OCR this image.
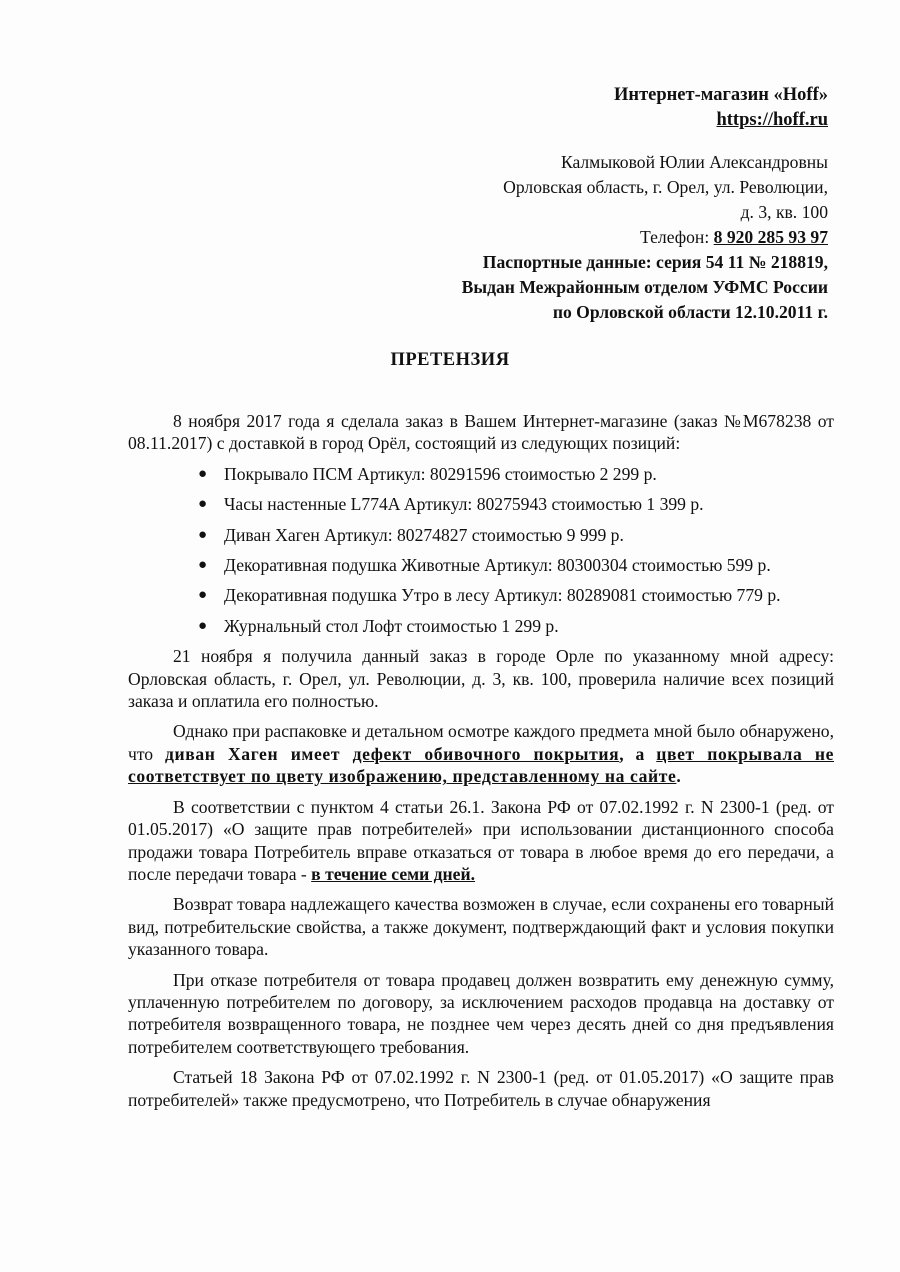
Интернет-магазин «Hoff»
https://hoff.ru
Калмыковой Юлии Александровны
Орловская область, г. Орел, ул. Революции,
д. 3, кв. 100
Телефон: 8 920 285 93 97
Паспортные данные: серия 54 11 № 218819,
Выдан Межрайонным отделом УФМС России
по Орловской области 12.10.2011 г.
ПРЕТЕНЗИЯ

8 ноября 2017 года я сделала заказ в Вашем Интернет-магазине (заказ №М678238 от 08.11.2017) с доставкой в город Орёл, состоящий из следующих позиций:

● Покрывало ПСМ Артикул: 80291596 стоимостью 2 299 р.
● Часы настенные L774A Артикул: 80275943 стоимостью 1 399 р.
● Диван Хаген Артикул: 80274827 стоимостью 9 999 р.
● Декоративная подушка Животные Артикул: 80300304 стоимостью 599 р.
● Декоративная подушка Утро в лесу Артикул: 80289081 стоимостью 779 р.
● Журнальный стол Лофт стоимостью 1 299 р.

21 ноября я получила данный заказ в городе Орле по указанному мной адресу: Орловская область, г. Орел, ул. Революции, д. 3, кв. 100, проверила наличие всех позиций заказа и оплатила его полностью.

Однако при распаковке и детальном осмотре каждого предмета мной было обнаружено, что диван Хаген имеет дефект обивочного покрытия, а цвет покрывала не соответствует по цвету изображению, представленному на сайте.

В соответствии с пунктом 4 статьи 26.1. Закона РФ от 07.02.1992 г. N 2300-1 (ред. от 01.05.2017) «О защите прав потребителей» при использовании дистанционного способа продажи товара Потребитель вправе отказаться от товара в любое время до его передачи, а после передачи товара - в течение семи дней.

Возврат товара надлежащего качества возможен в случае, если сохранены его товарный вид, потребительские свойства, а также документ, подтверждающий факт и условия покупки указанного товара.

При отказе потребителя от товара продавец должен возвратить ему денежную сумму, уплаченную потребителем по договору, за исключением расходов продавца на доставку от потребителя возвращенного товара, не позднее чем через десять дней со дня предъявления потребителем соответствующего требования.

Статьей 18 Закона РФ от 07.02.1992 г. N 2300-1 (ред. от 01.05.2017) «О защите прав потребителей» также предусмотрено, что Потребитель в случае обнаружения
